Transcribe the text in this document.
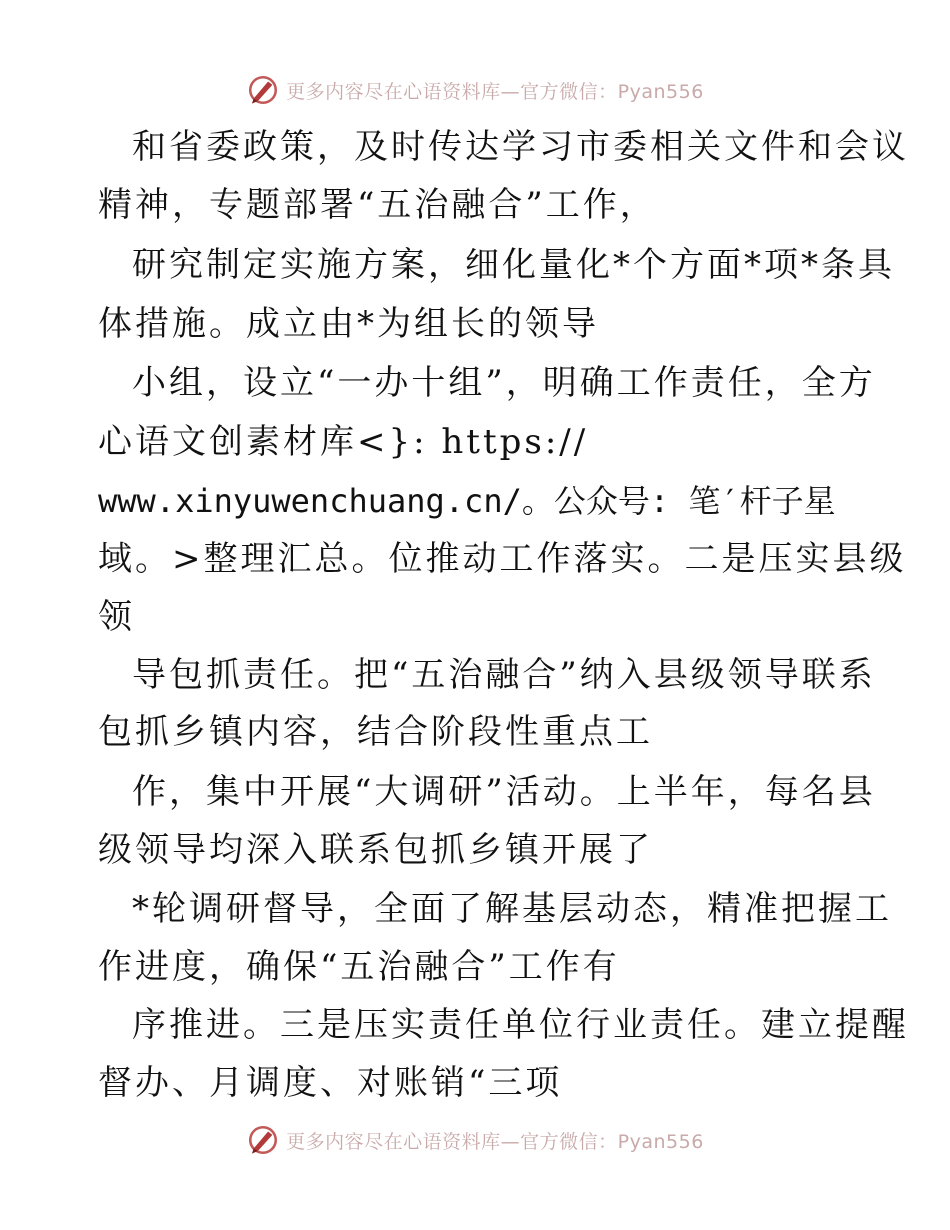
更多内容尽在心语资料库—官方微信：Pyan556
和省委政策，及时传达学习市委相关文件和会议
精神，专题部署“五治融合”工作，
研究制定实施方案，细化量化*个方面*项*条具
体措施。成立由*为组长的领导
小组，设立“一办十组”，明确工作责任，全方
心语文创素材库<}: https://
www.xinyuwenchuang.cn/。公众号: 笔′杆子星
域。>整理汇总。位推动工作落实。二是压实县级
领
导包抓责任。把“五治融合”纳入县级领导联系
包抓乡镇内容，结合阶段性重点工
作，集中开展“大调研”活动。上半年，每名县
级领导均深入联系包抓乡镇开展了
*轮调研督导，全面了解基层动态，精准把握工
作进度，确保“五治融合”工作有
序推进。三是压实责任单位行业责任。建立提醒
督办、月调度、对账销“三项
更多内容尽在心语资料库—官方微信：Pyan556
